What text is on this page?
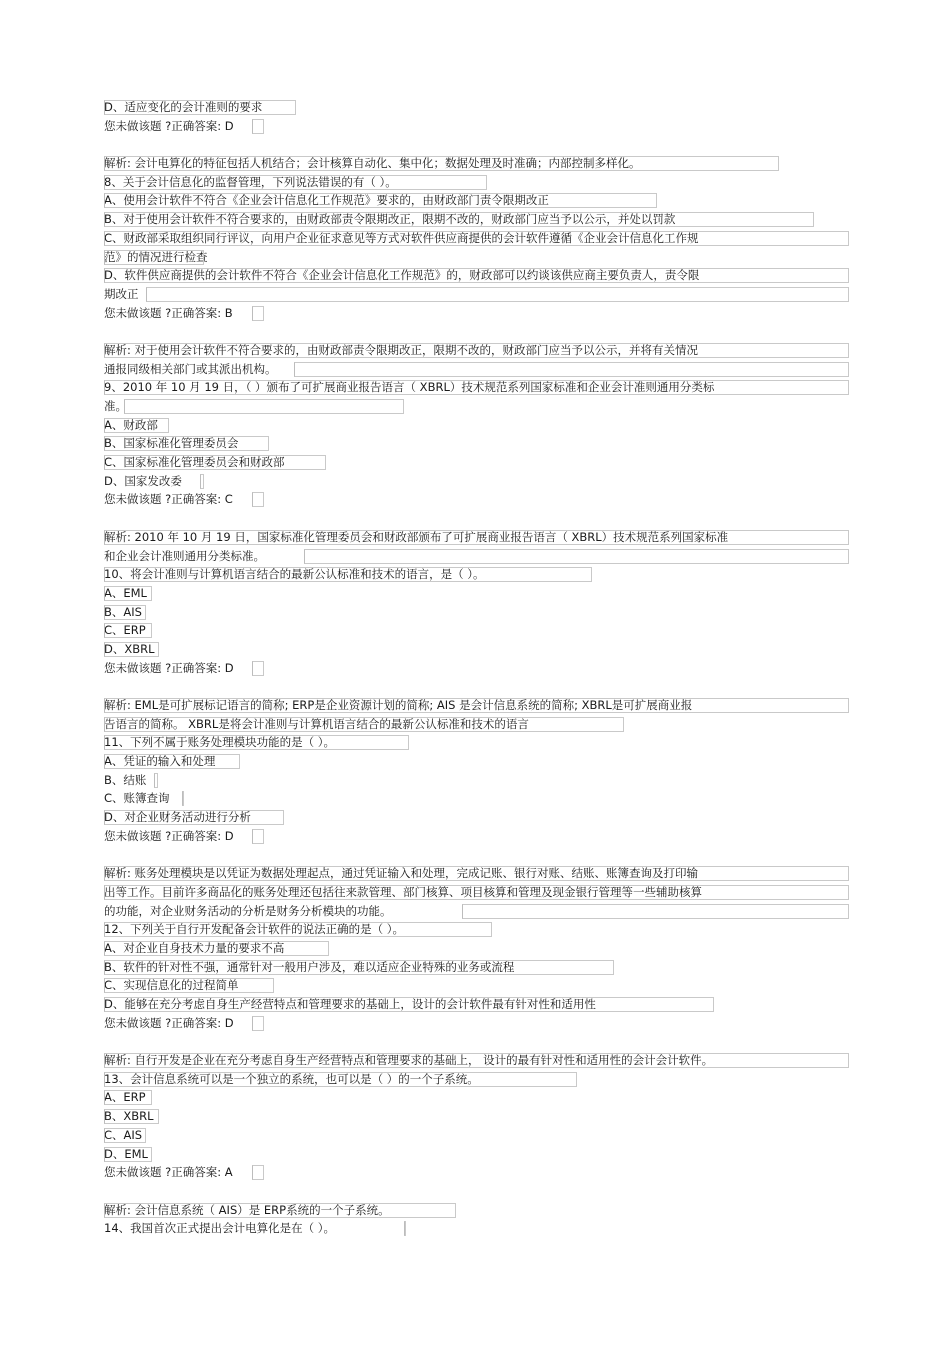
D、适应变化的会计准则的要求
您未做该题 ?正确答案: D
解析: 会计电算化的特征包括人机结合；会计核算自动化、集中化；数据处理及时准确；内部控制多样化。
8、关于会计信息化的监督管理，下列说法错误的有（ ）。
A、使用会计软件不符合《企业会计信息化工作规范》要求的，由财政部门责令限期改正
B、对于使用会计软件不符合要求的，由财政部责令限期改正，限期不改的，财政部门应当予以公示，并处以罚款
C、财政部采取组织同行评议，向用户企业征求意见等方式对软件供应商提供的会计软件遵循《企业会计信息化工作规
范》的情况进行检查
D、软件供应商提供的会计软件不符合《企业会计信息化工作规范》的，财政部可以约谈该供应商主要负责人，责令限
期改正
您未做该题 ?正确答案: B
解析: 对于使用会计软件不符合要求的，由财政部责令限期改正，限期不改的，财政部门应当予以公示，并将有关情况
通报同级相关部门或其派出机构。
9、2010 年 10 月 19 日，（ ）颁布了可扩展商业报告语言（ XBRL）技术规范系列国家标准和企业会计准则通用分类标
准。
A、财政部
B、国家标准化管理委员会
C、国家标准化管理委员会和财政部
D、国家发改委
您未做该题 ?正确答案: C
解析: 2010 年 10 月 19 日，国家标准化管理委员会和财政部颁布了可扩展商业报告语言（ XBRL）技术规范系列国家标准
和企业会计准则通用分类标准。
10、将会计准则与计算机语言结合的最新公认标准和技术的语言，是（ ）。
A、EML
B、AIS
C、ERP
D、XBRL
您未做该题 ?正确答案: D
解析: EML是可扩展标记语言的简称; ERP是企业资源计划的简称; AIS 是会计信息系统的简称; XBRL是可扩展商业报
告语言的简称。 XBRL是将会计准则与计算机语言结合的最新公认标准和技术的语言
11、下列不属于账务处理模块功能的是（ ）。
A、凭证的输入和处理
B、结账
C、账簿查询
D、对企业财务活动进行分析
您未做该题 ?正确答案: D
解析: 账务处理模块是以凭证为数据处理起点，通过凭证输入和处理，完成记账、银行对账、结账、账簿查询及打印输
出等工作。目前许多商品化的账务处理还包括往来款管理、部门核算、项目核算和管理及现金银行管理等一些辅助核算
的功能，对企业财务活动的分析是财务分析模块的功能。
12、下列关于自行开发配备会计软件的说法正确的是（ ）。
A、对企业自身技术力量的要求不高
B、软件的针对性不强，通常针对一般用户涉及，难以适应企业特殊的业务或流程
C、实现信息化的过程简单
D、能够在充分考虑自身生产经营特点和管理要求的基础上，设计的会计软件最有针对性和适用性
您未做该题 ?正确答案: D
解析: 自行开发是企业在充分考虑自身生产经营特点和管理要求的基础上， 设计的最有针对性和适用性的会计会计软件。
13、会计信息系统可以是一个独立的系统，也可以是（ ）的一个子系统。
A、ERP
B、XBRL
C、AIS
D、EML
您未做该题 ?正确答案: A
解析: 会计信息系统（ AIS）是 ERP系统的一个子系统。
14、我国首次正式提出会计电算化是在（ ）。
